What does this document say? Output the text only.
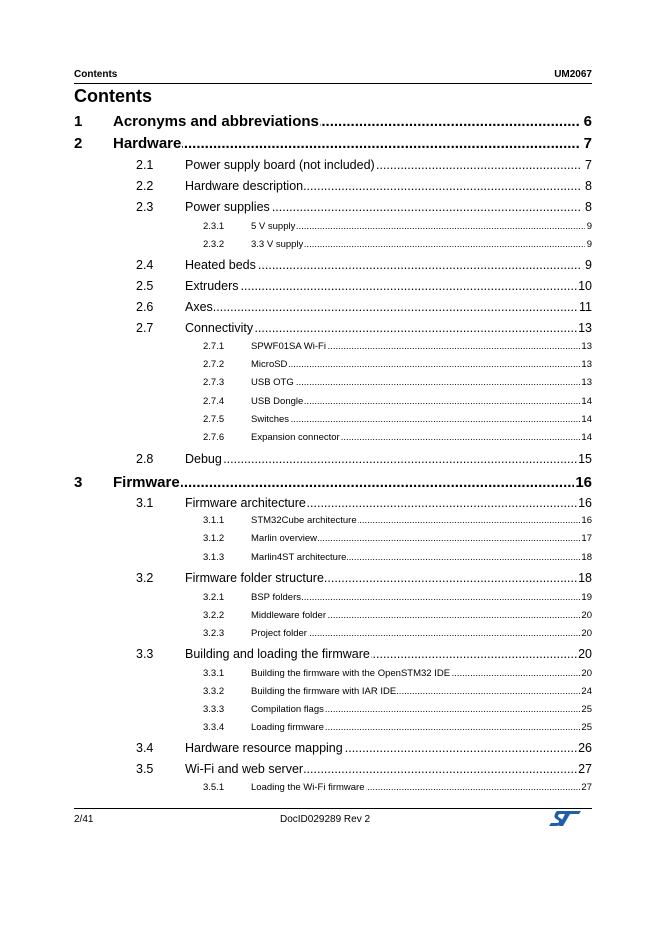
Contents	UM2067
Contents
1 ..... Acronyms and abbreviations	6
2 ..... Hardware	7
2.1 .....	Power supply board (not included)	7
2.2 .....	Hardware description	8
2.3 .....	Power supplies	8
2.3.1 .....	5 V supply	9
2.3.2 .....	3.3 V supply	9
2.4 .....	Heated beds	9
2.5 .....	Extruders	10
2.6 .....	Axes	11
2.7 .....	Connectivity	13
2.7.1 .....	SPWF01SA Wi-Fi	13
2.7.2 .....	MicroSD	13
2.7.3 .....	USB OTG	13
2.7.4 .....	USB Dongle	14
2.7.5 .....	Switches	14
2.7.6 .....	Expansion connector	14
2.8 .....	Debug	15
3 ..... Firmware	16
3.1 .....	Firmware architecture	16
3.1.1 .....	STM32Cube architecture	16
3.1.2 .....	Marlin overview	17
3.1.3 .....	Marlin4ST architecture	18
3.2 .....	Firmware folder structure	18
3.2.1 .....	BSP folders	19
3.2.2 .....	Middleware folder	20
3.2.3 .....	Project folder	20
3.3 .....	Building and loading the firmware	20
3.3.1 .....	Building the firmware with the OpenSTM32 IDE	20
3.3.2 .....	Building the firmware with IAR IDE	24
3.3.3 .....	Compilation flags	25
3.3.4 .....	Loading firmware	25
3.4 .....	Hardware resource mapping	26
3.5 .....	Wi-Fi and web server	27
3.5.1 .....	Loading the Wi-Fi firmware	27
2/41	DocID029289 Rev 2
